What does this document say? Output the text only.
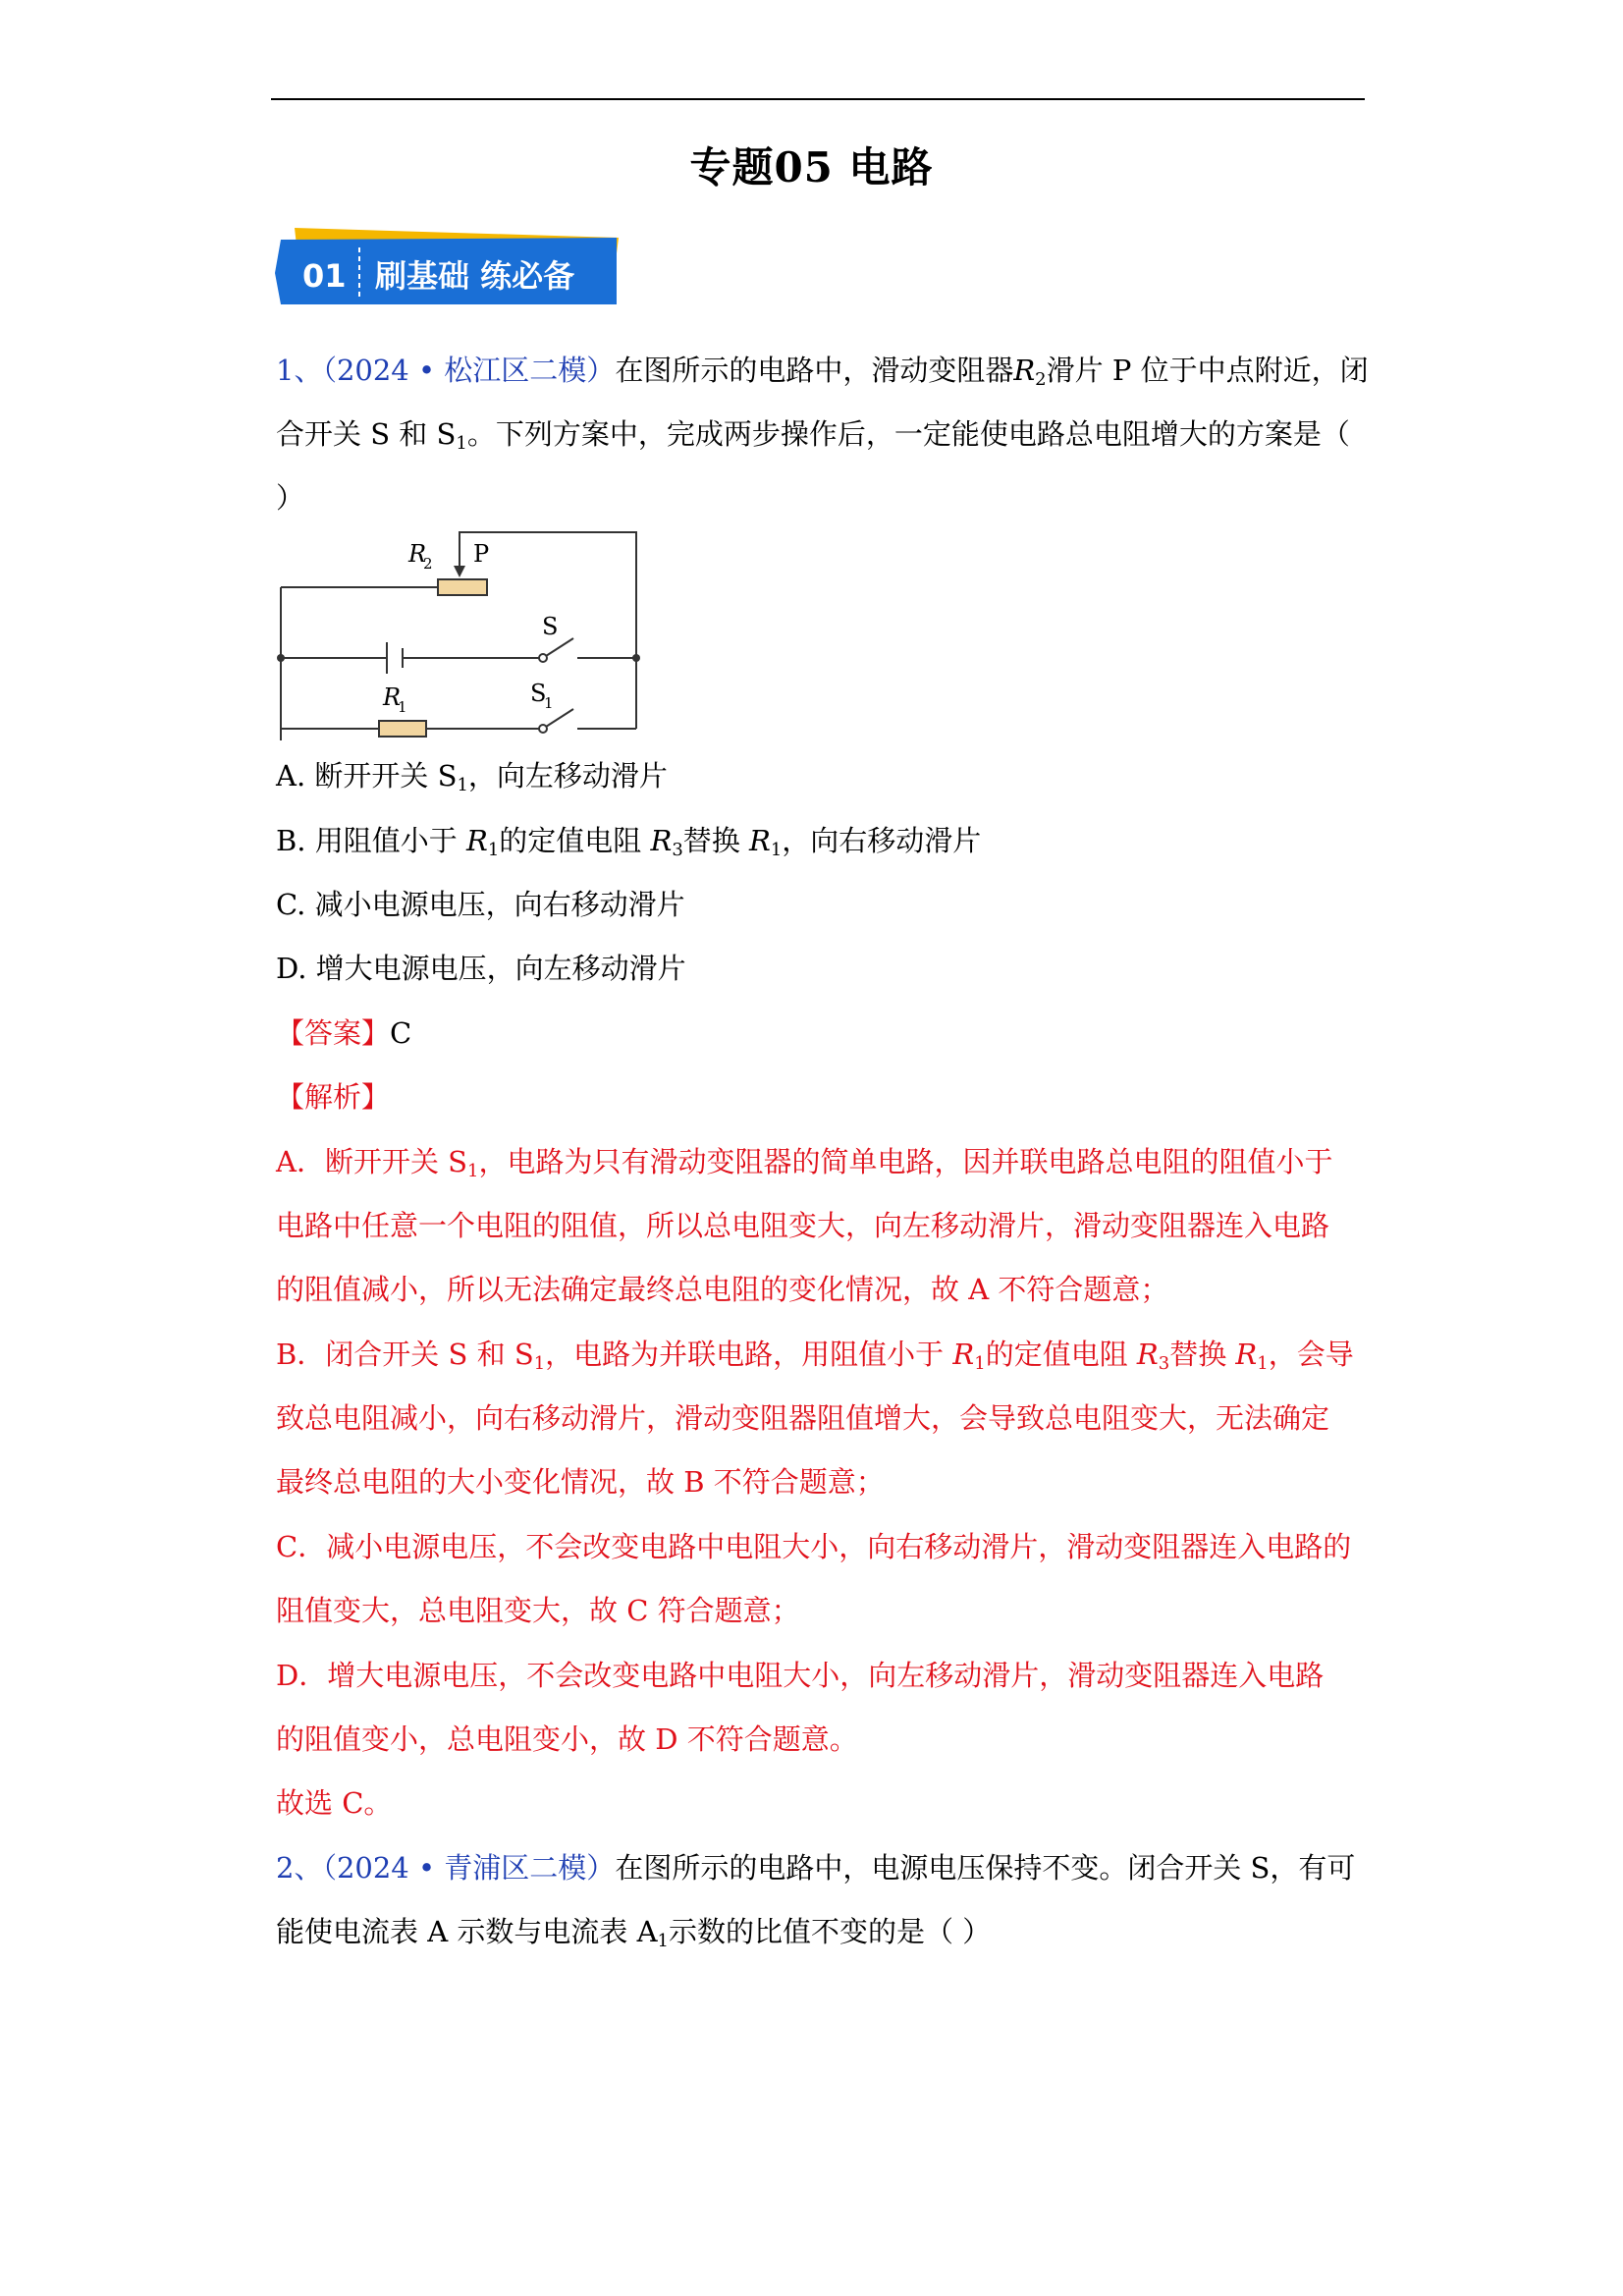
专题05 电路
01 刷基础 练必备
1、（2024 • 松江区二模）在图所示的电路中，滑动变阻器$R_2$滑片 P 位于中点附近，闭
合开关 S 和 $S_1$。下列方案中，完成两步操作后，一定能使电路总电阻增大的方案是（
）
R
2 P
S
S
1
R
1
A. 断开开关 $S_1$，向左移动滑片
B. 用阻值小于 $R_1$的定值电阻 $R_3$替换 $R_1$，向右移动滑片
C. 减小电源电压，向右移动滑片
D. 增大电源电压，向左移动滑片
【答案】C
【解析】
A．断开开关 $S_1$，电路为只有滑动变阻器的简单电路，因并联电路总电阻的阻值小于
电路中任意一个电阻的阻值，所以总电阻变大，向左移动滑片，滑动变阻器连入电路
的阻值减小，所以无法确定最终总电阻的变化情况，故 A 不符合题意；
B．闭合开关 S 和 $S_1$，电路为并联电路，用阻值小于 $R_1$的定值电阻 $R_3$替换 $R_1$，会导
致总电阻减小，向右移动滑片，滑动变阻器阻值增大，会导致总电阻变大，无法确定
最终总电阻的大小变化情况，故 B 不符合题意；
C．减小电源电压，不会改变电路中电阻大小，向右移动滑片，滑动变阻器连入电路的
阻值变大，总电阻变大，故 C 符合题意；
D．增大电源电压，不会改变电路中电阻大小，向左移动滑片，滑动变阻器连入电路
的阻值变小，总电阻变小，故 D 不符合题意。
故选 C。
2、（2024 • 青浦区二模）在图所示的电路中，电源电压保持不变。闭合开关 S，有可
能使电流表 A 示数与电流表 $A_1$示数的比值不变的是（ ）
